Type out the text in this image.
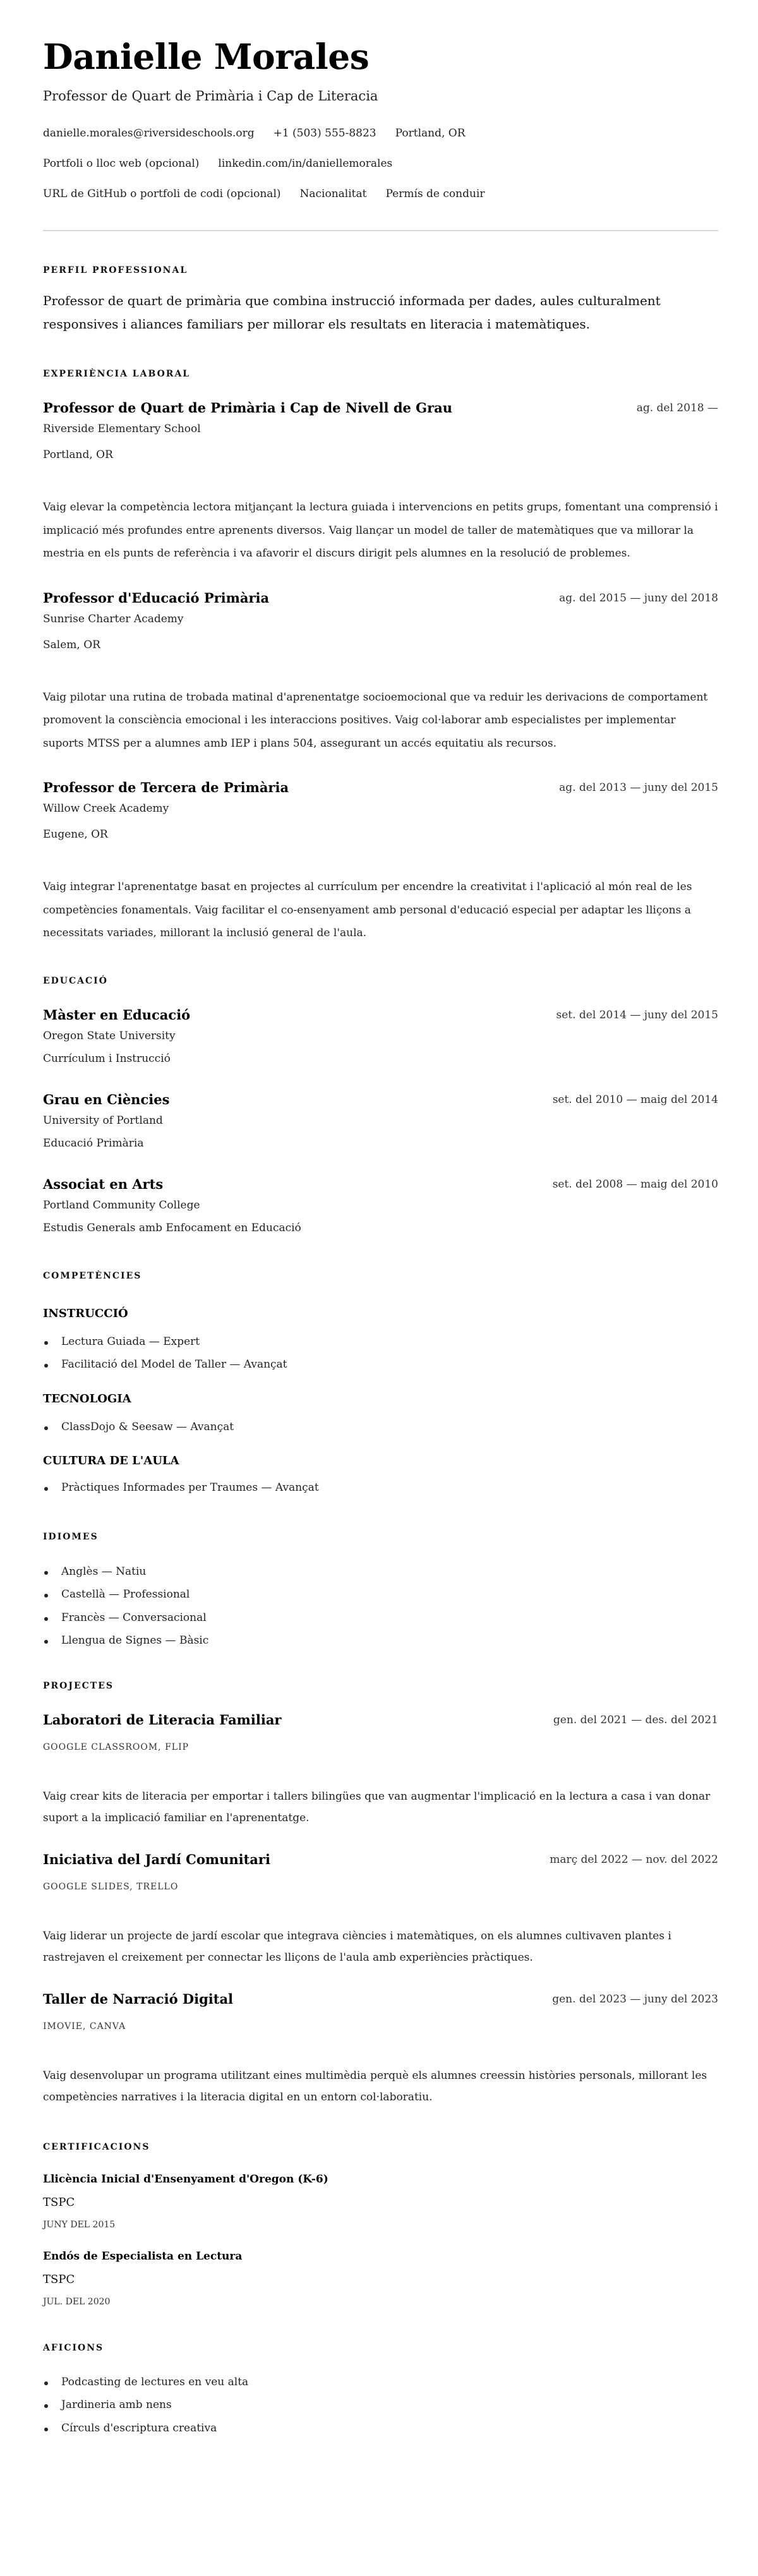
Danielle Morales
Professor de Quart de Primària i Cap de Literacia
danielle.morales@riversideschools.org +1 (503) 555-8823 Portland, OR
Portfoli o lloc web (opcional) linkedin.com/in/daniellemorales
URL de GitHub o portfoli de codi (opcional) Nacionalitat Permís de conduir
PERFIL PROFESSIONAL

Professor de quart de primària que combina instrucció informada per dades, aules culturalment responsives i aliances familiars per millorar els resultats en literacia i matemàtiques.

EXPERIÈNCIA LABORAL
Professor de Quart de Primària i Cap de Nivell de Grau	ag. del 2018 —
Riverside Elementary School
Portland, OR

Vaig elevar la competència lectora mitjançant la lectura guiada i intervencions en petits grups, fomentant una comprensió i implicació més profundes entre aprenents diversos. Vaig llançar un model de taller de matemàtiques que va millorar la mestria en els punts de referència i va afavorir el discurs dirigit pels alumnes en la resolució de problemes.

Professor d'Educació Primària	ag. del 2015 — juny del 2018
Sunrise Charter Academy
Salem, OR

Vaig pilotar una rutina de trobada matinal d'aprenentatge socioemocional que va reduir les derivacions de comportament promovent la consciència emocional i les interaccions positives. Vaig col·laborar amb especialistes per implementar suports MTSS per a alumnes amb IEP i plans 504, assegurant un accés equitatiu als recursos.

Professor de Tercera de Primària	ag. del 2013 — juny del 2015
Willow Creek Academy
Eugene, OR

Vaig integrar l'aprenentatge basat en projectes al currículum per encendre la creativitat i l'aplicació al món real de les competències fonamentals. Vaig facilitar el co-ensenyament amb personal d'educació especial per adaptar les lliçons a necessitats variades, millorant la inclusió general de l'aula.

EDUCACIÓ
Màster en Educació	set. del 2014 — juny del 2015
Oregon State University
Currículum i Instrucció
Grau en Ciències	set. del 2010 — maig del 2014
University of Portland
Educació Primària
Associat en Arts	set. del 2008 — maig del 2010
Portland Community College
Estudis Generals amb Enfocament en Educació
COMPETÈNCIES
INSTRUCCIÓ
Lectura Guiada — Expert
Facilitació del Model de Taller — Avançat
TECNOLOGIA
ClassDojo & Seesaw — Avançat
CULTURA DE L'AULA
Pràctiques Informades per Traumes — Avançat
IDIOMES
Anglès — Natiu
Castellà — Professional
Francès — Conversacional
Llengua de Signes — Bàsic
PROJECTES
Laboratori de Literacia Familiar	gen. del 2021 — des. del 2021
GOOGLE CLASSROOM, FLIP

Vaig crear kits de literacia per emportar i tallers bilingües que van augmentar l'implicació en la lectura a casa i van donar suport a la implicació familiar en l'aprenentatge.

Iniciativa del Jardí Comunitari	març del 2022 — nov. del 2022
GOOGLE SLIDES, TRELLO

Vaig liderar un projecte de jardí escolar que integrava ciències i matemàtiques, on els alumnes cultivaven plantes i rastrejaven el creixement per connectar les lliçons de l'aula amb experiències pràctiques.

Taller de Narració Digital	gen. del 2023 — juny del 2023
IMOVIE, CANVA

Vaig desenvolupar un programa utilitzant eines multimèdia perquè els alumnes creessin històries personals, millorant les competències narratives i la literacia digital en un entorn col·laboratiu.

CERTIFICACIONS
Llicència Inicial d'Ensenyament d'Oregon (K-6)
TSPC
JUNY DEL 2015
Endós de Especialista en Lectura
TSPC
JUL. DEL 2020
AFICIONS
Podcasting de lectures en veu alta
Jardineria amb nens
Círculs d'escriptura creativa
